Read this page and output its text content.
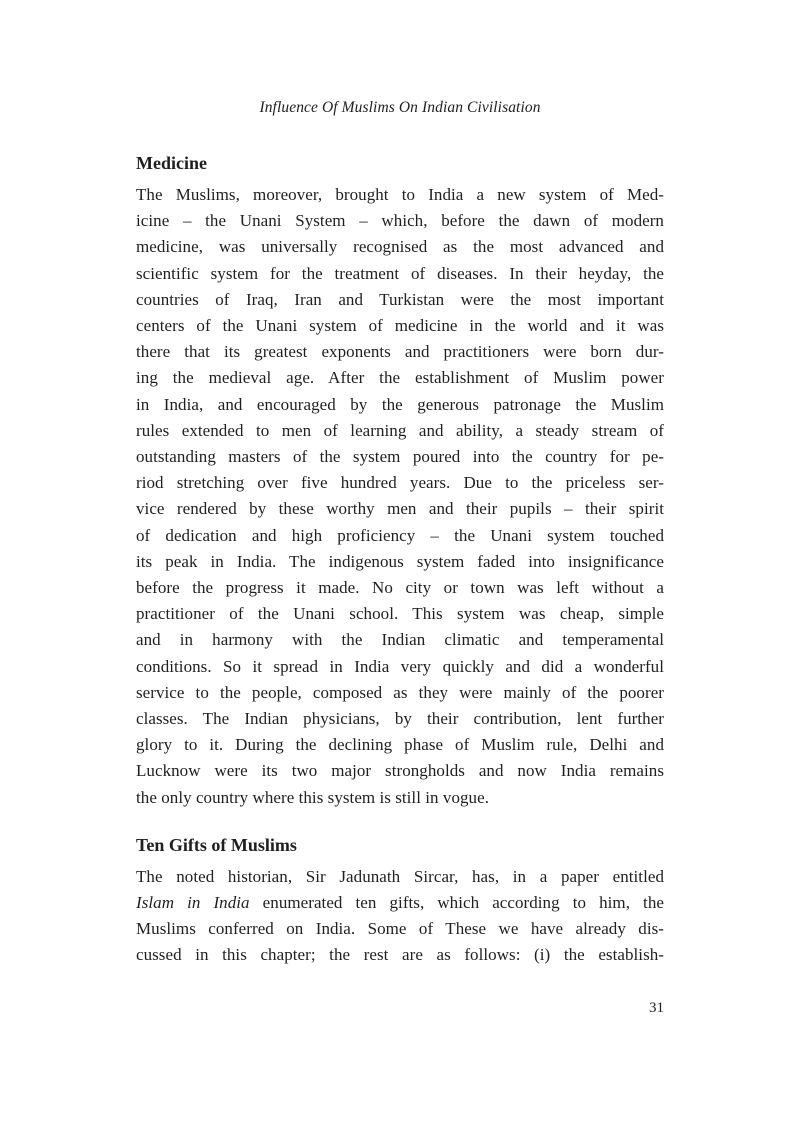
Influence Of Muslims On Indian Civilisation
Medicine
The Muslims, moreover, brought to India a new system of Med-
icine – the Unani System – which, before the dawn of modern
medicine, was universally recognised as the most advanced and
scientific system for the treatment of diseases. In their heyday, the
countries of Iraq, Iran and Turkistan were the most important
centers of the Unani system of medicine in the world and it was
there that its greatest exponents and practitioners were born dur-
ing the medieval age. After the establishment of Muslim power
in India, and encouraged by the generous patronage the Muslim
rules extended to men of learning and ability, a steady stream of
outstanding masters of the system poured into the country for pe-
riod stretching over five hundred years. Due to the priceless ser-
vice rendered by these worthy men and their pupils – their spirit
of dedication and high proficiency – the Unani system touched
its peak in India. The indigenous system faded into insignificance
before the progress it made. No city or town was left without a
practitioner of the Unani school. This system was cheap, simple
and in harmony with the Indian climatic and temperamental
conditions. So it spread in India very quickly and did a wonderful
service to the people, composed as they were mainly of the poorer
classes. The Indian physicians, by their contribution, lent further
glory to it. During the declining phase of Muslim rule, Delhi and
Lucknow were its two major strongholds and now India remains
the only country where this system is still in vogue.
Ten Gifts of Muslims
The noted historian, Sir Jadunath Sircar, has, in a paper entitled
Islam in India enumerated ten gifts, which according to him, the
Muslims conferred on India. Some of These we have already dis-
cussed in this chapter; the rest are as follows: (i) the establish-
31
